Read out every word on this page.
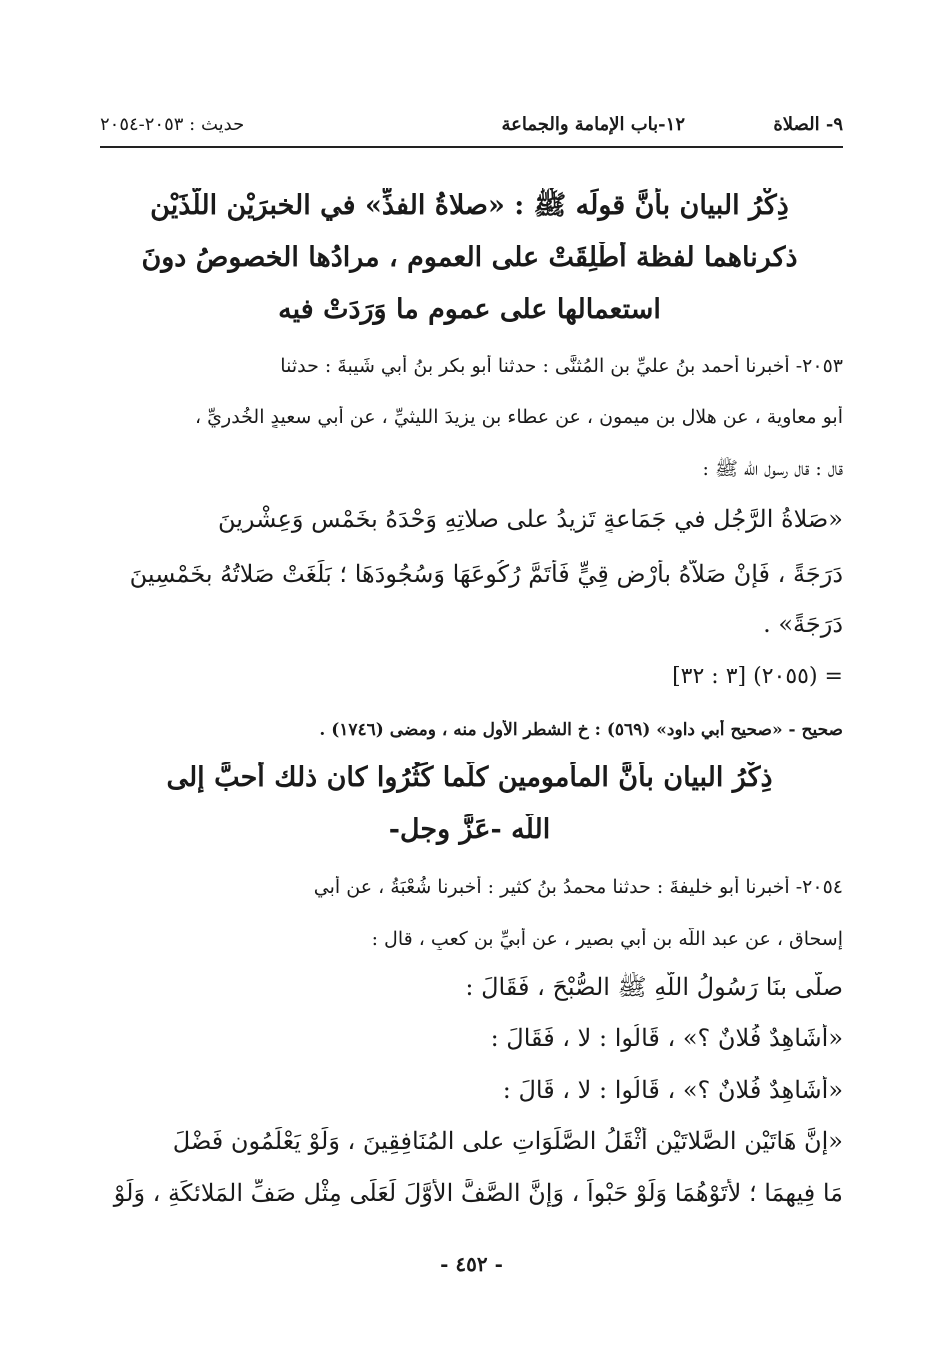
٩- الصلاة
١٢-باب الإمامة والجماعة
حديث : ٢٠٥٣-٢٠٥٤
ذِكْرُ البيان بأنَّ قولَه ﷺ : «صلاةُ الفذِّ» في الخبرَيْن اللَّذَيْن
ذكرناهما لفظة أُطْلِقَتْ على العمومِ ، مرادُها الخصوصُ دونَ
استعمالها على عمومِ ما وَرَدَتْ فيه
٢٠٥٣- أخبرنا أحمد بنُ عليِّ بن المُثنَّى : حدثنا أبو بكر بنُ أبي شَيبةَ : حدثنا
أبو معاوية ، عن هلال بن ميمون ، عن عطاء بن يزيدَ الليثيِّ ، عن أبي سعيدٍ الخُدريِّ ،
قال : قال رسول اللّه ﷺ :
«صَلاةُ الرَّجُلِ في جَمَاعةٍ تَزيدُ على صلاتِهِ وَحْدَهُ بخَمْسٍ وَعِشْرِينَ
دَرَجَةً ، فَإِنْ صَلاَّهُ بأَرْضٍ قِيٍّ فَأَتَمَّ رُكُوعَهَا وَسُجُودَهَا ؛ بَلَغَتْ صَلاتُهُ بخَمْسِينَ
دَرَجَةً» .
= (٢٠٥٥) [٣ : ٣٢]
صحيح - «صحيح أبي داود» (٥٦٩) : خ الشطر الأول منه ، ومضى (١٧٤٦) .
ذِكْرُ البيان بأنَّ المأمومين كلَّما كَثُرُوا كان ذلك أحبَّ إلى
اللّه -عَزَّ وجل-
٢٠٥٤- أخبرنا أبو خليفةَ : حدثنا محمدُ بنُ كثير : أخبرنا شُعْبَةُ ، عن أبي
إسحاق ، عن عبد اللّه بن أبي بصير ، عن أبيِّ بن كعبٍ ، قال :
صلَّى بنَا رَسُولُ اللّهِ ﷺ الصُّبْحَ ، فَقَالَ :
«أشَاهِدٌ فُلانٌ ؟» ، قَالُوا : لا ، فَقَالَ :
«أشَاهِدٌ فُلانٌ ؟» ، قَالُوا : لا ، قَالَ :
«إنَّ هَاتَيْنِ الصَّلاتَيْنِ أَثْقَلُ الصَّلَوَاتِ على المُنَافِقِينَ ، وَلَوْ يَعْلَمُون فَضْلَ
مَا فِيهِمَا ؛ لأَتَوْهُمَا وَلَوْ حَبْواً ، وَإِنَّ الصَّفَّ الأَوَّلَ لَعَلَى مِثْلِ صَفِّ المَلائكَةِ ، وَلَوْ
- ٤٥٢ -
